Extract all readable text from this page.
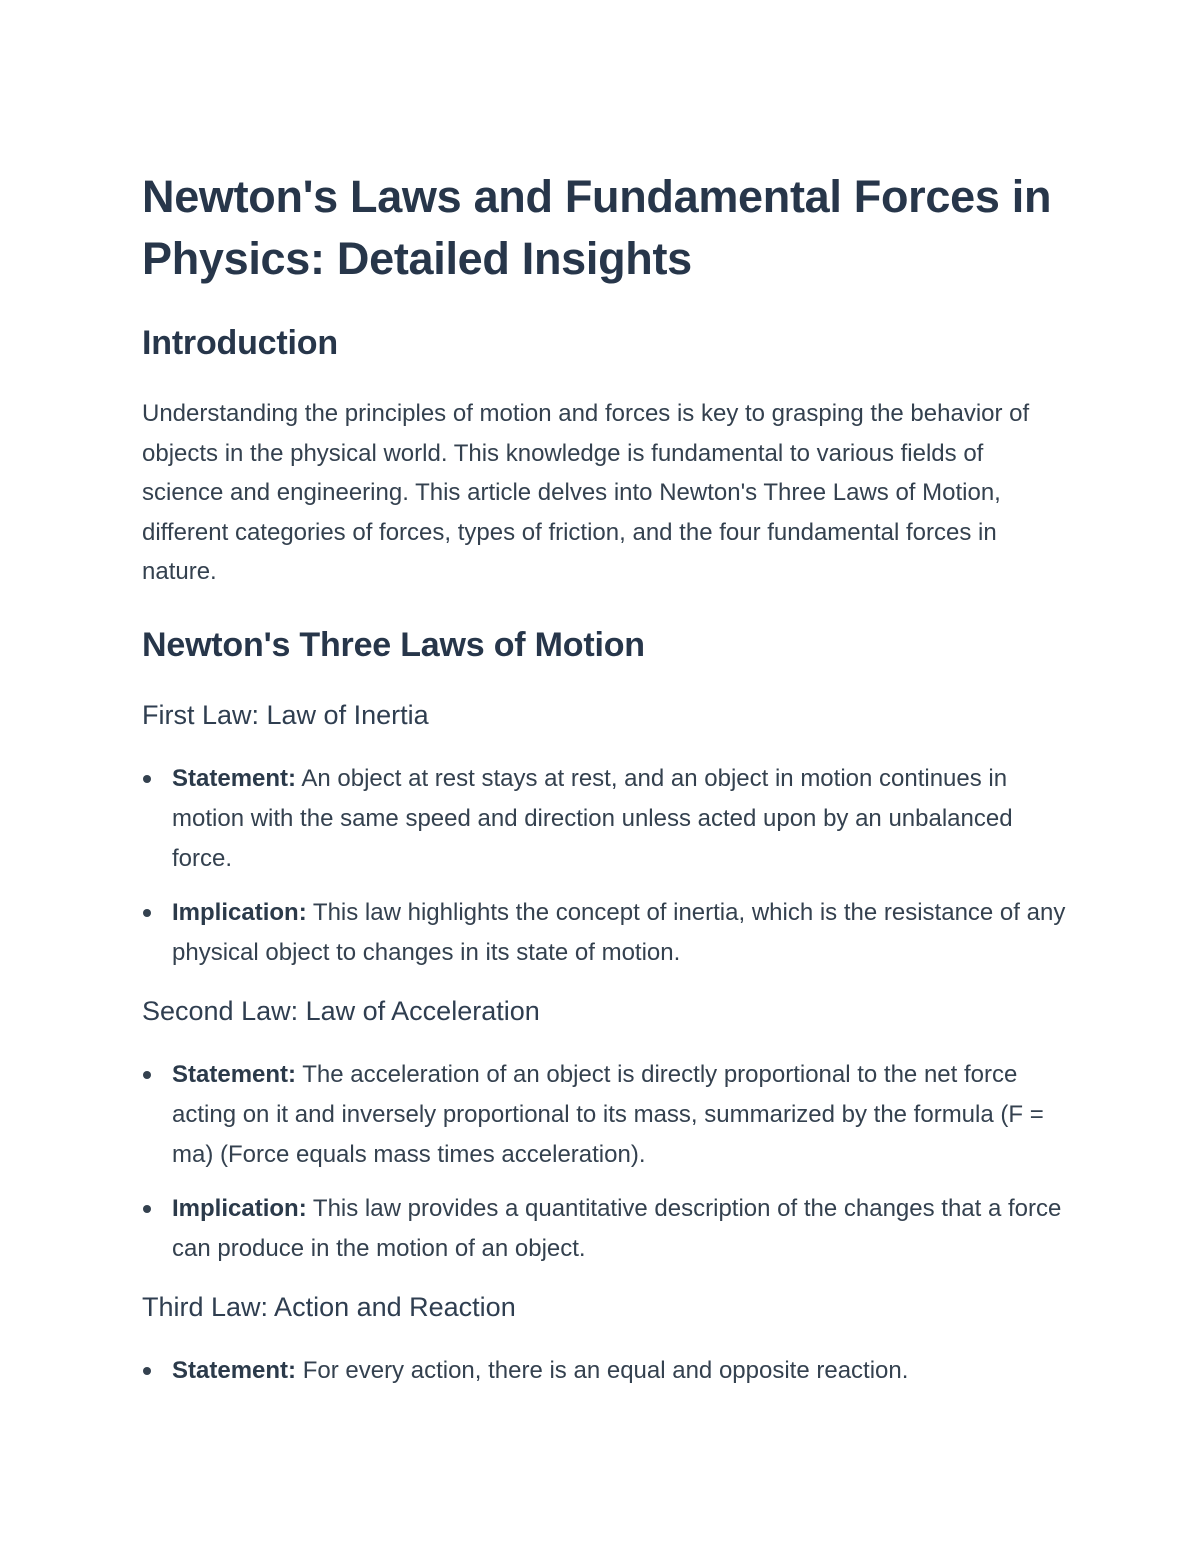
Newton's Laws and Fundamental Forces in Physics: Detailed Insights
Introduction

Understanding the principles of motion and forces is key to grasping the behavior of objects in the physical world. This knowledge is fundamental to various fields of science and engineering. This article delves into Newton's Three Laws of Motion, different categories of forces, types of friction, and the four fundamental forces in nature.

Newton's Three Laws of Motion
First Law: Law of Inertia
Statement: An object at rest stays at rest, and an object in motion continues in motion with the same speed and direction unless acted upon by an unbalanced force.
Implication: This law highlights the concept of inertia, which is the resistance of any physical object to changes in its state of motion.
Second Law: Law of Acceleration
Statement: The acceleration of an object is directly proportional to the net force acting on it and inversely proportional to its mass, summarized by the formula (F = ma) (Force equals mass times acceleration).
Implication: This law provides a quantitative description of the changes that a force can produce in the motion of an object.
Third Law: Action and Reaction
Statement: For every action, there is an equal and opposite reaction.
